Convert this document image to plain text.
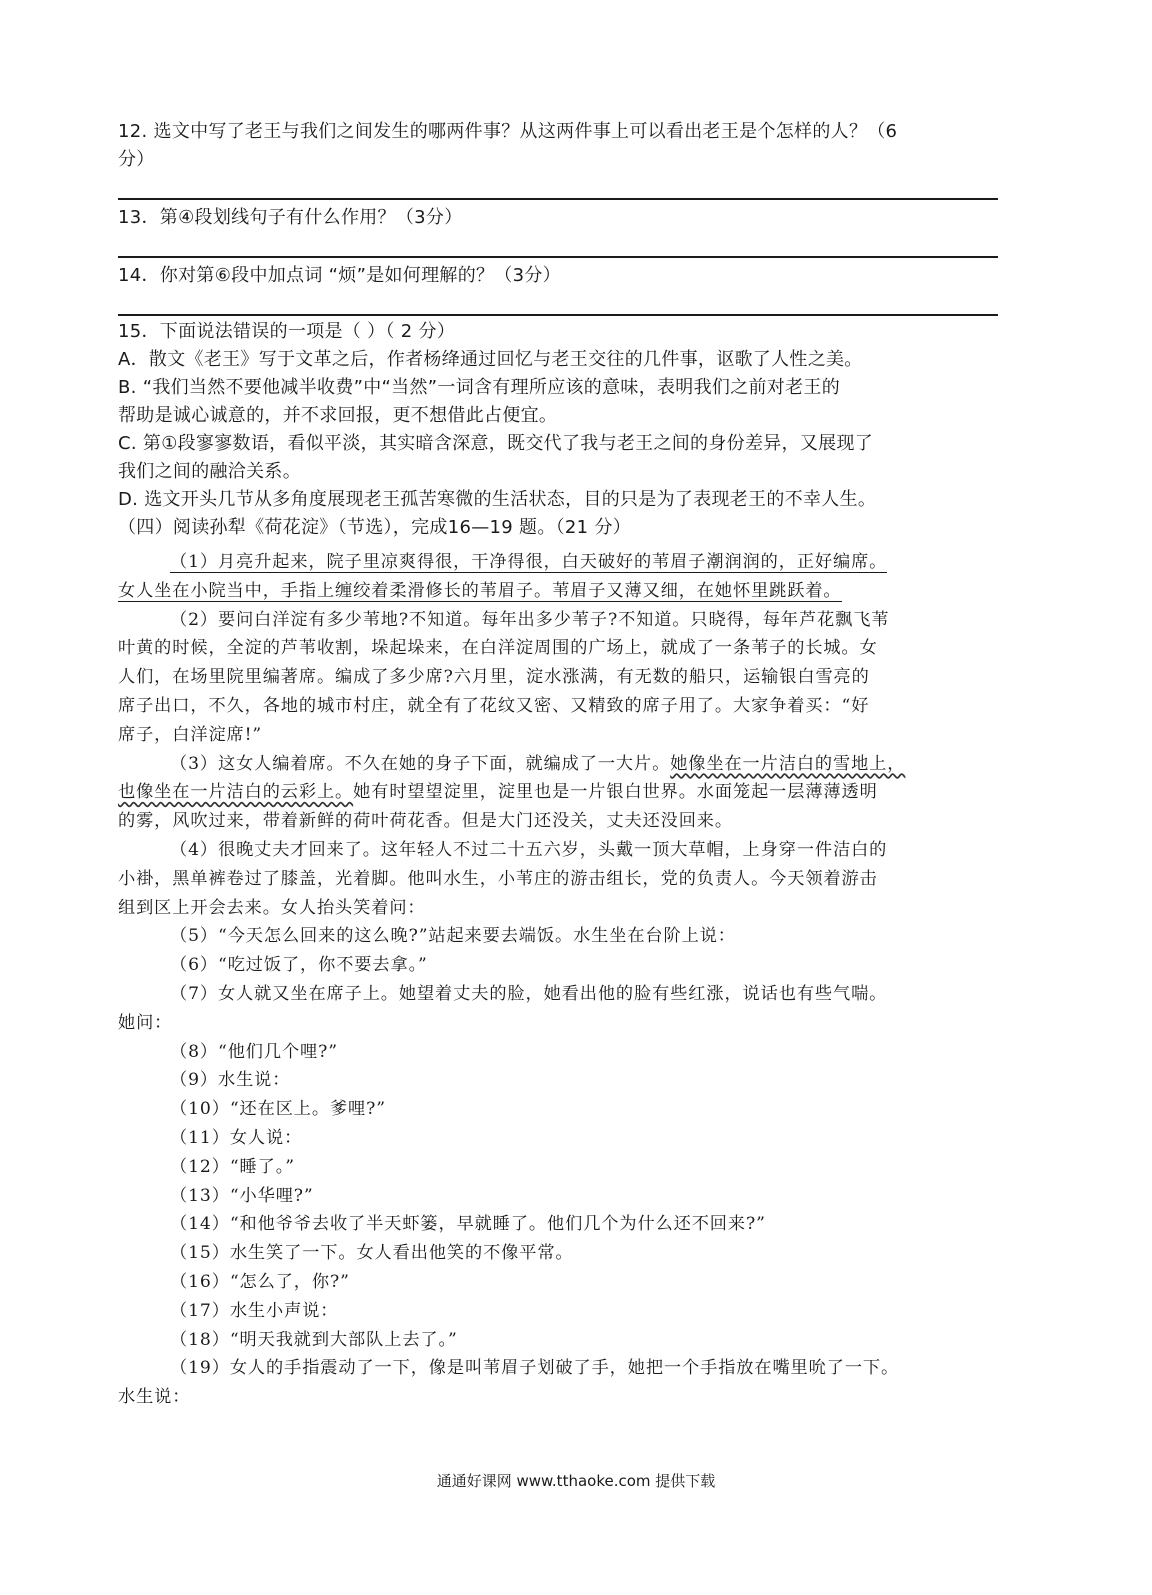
12. 选文中写了老王与我们之间发生的哪两件事？从这两件事上可以看出老王是个怎样的人？（6
分）
13．第④段划线句子有什么作用？（3分）
14．你对第⑥段中加点词 “烦”是如何理解的？（3分）
15．下面说法错误的一项是（ ）（ 2 分）
A．散文《老王》写于文革之后，作者杨绛通过回忆与老王交往的几件事，讴歌了人性之美。
B. “我们当然不要他减半收费”中“当然”一词含有理所应该的意味，表明我们之前对老王的
帮助是诚心诚意的，并不求回报，更不想借此占便宜。
C. 第①段寥寥数语，看似平淡，其实暗含深意，既交代了我与老王之间的身份差异，又展现了
我们之间的融洽关系。
D. 选文开头几节从多角度展现老王孤苦寒微的生活状态，目的只是为了表现老王的不幸人生。
（四）阅读孙犁《荷花淀》（节选），完成16—19 题。（21 分）
（1）月亮升起来，院子里凉爽得很，干净得很，白天破好的苇眉子潮润润的，正好编席。
女人坐在小院当中，手指上缠绞着柔滑修长的苇眉子。苇眉子又薄又细，在她怀里跳跃着。
（2）要问白洋淀有多少苇地?不知道。每年出多少苇子?不知道。只晓得，每年芦花飘飞苇
叶黄的时候，全淀的芦苇收割，垛起垛来，在白洋淀周围的广场上，就成了一条苇子的长城。女
人们，在场里院里编著席。编成了多少席?六月里，淀水涨满，有无数的船只，运输银白雪亮的
席子出口，不久，各地的城市村庄，就全有了花纹又密、又精致的席子用了。大家争着买：“好
席子，白洋淀席!”
（3）这女人编着席。不久在她的身子下面，就编成了一大片。她像坐在一片洁白的雪地上，
也像坐在一片洁白的云彩上。她有时望望淀里，淀里也是一片银白世界。水面笼起一层薄薄透明
的雾，风吹过来，带着新鲜的荷叶荷花香。但是大门还没关，丈夫还没回来。
（4）很晚丈夫才回来了。这年轻人不过二十五六岁，头戴一顶大草帽，上身穿一件洁白的
小褂，黑单裤卷过了膝盖，光着脚。他叫水生，小苇庄的游击组长，党的负责人。今天领着游击
组到区上开会去来。女人抬头笑着问：
（5）“今天怎么回来的这么晚?”站起来要去端饭。水生坐在台阶上说：
（6）“吃过饭了，你不要去拿。”
（7）女人就又坐在席子上。她望着丈夫的脸，她看出他的脸有些红涨，说话也有些气喘。
她问：
（8）“他们几个哩?”
（9）水生说：
（10）“还在区上。爹哩?”
（11）女人说：
（12）“睡了。”
（13）“小华哩?”
（14）“和他爷爷去收了半天虾篓，早就睡了。他们几个为什么还不回来?”
（15）水生笑了一下。女人看出他笑的不像平常。
（16）“怎么了，你?”
（17）水生小声说：
（18）“明天我就到大部队上去了。”
（19）女人的手指震动了一下，像是叫苇眉子划破了手，她把一个手指放在嘴里吮了一下。
水生说：
通通好课网 www.tthaoke.com 提供下载
